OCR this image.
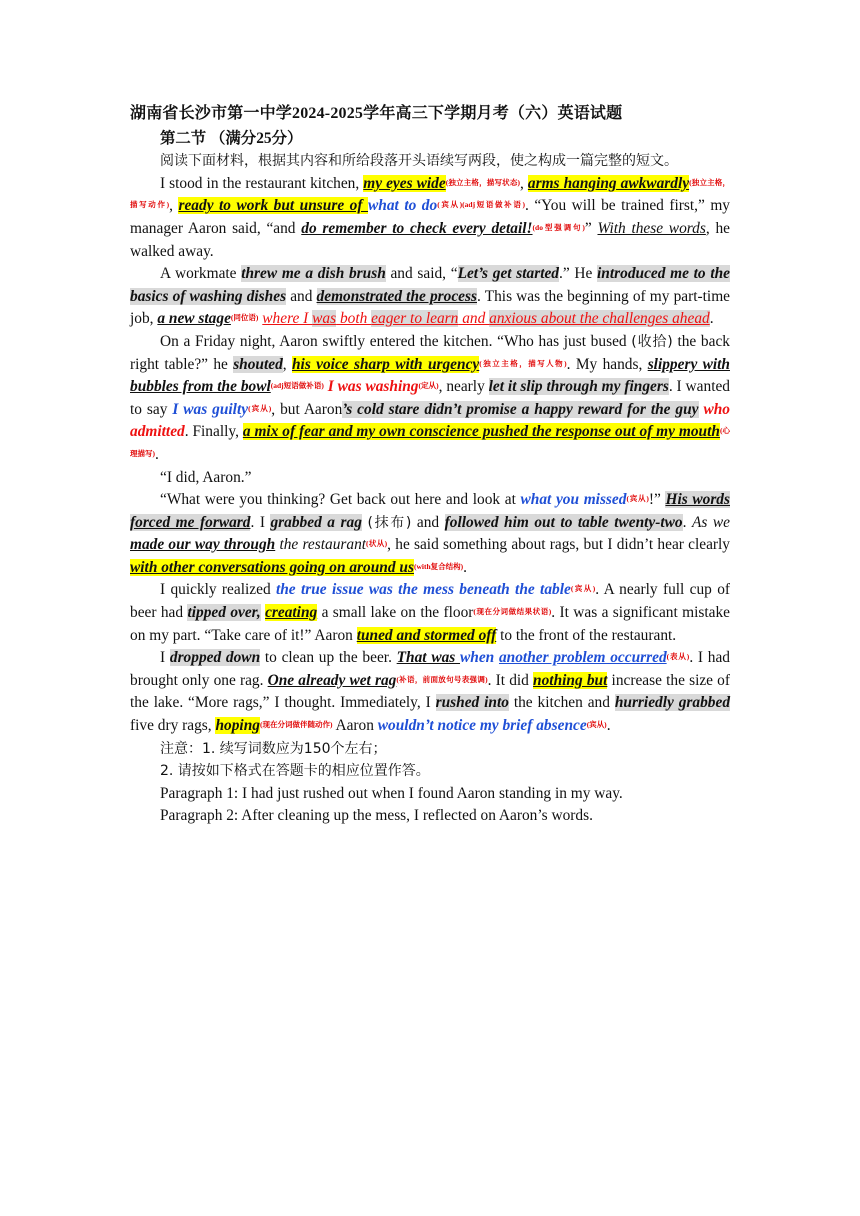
湖南省长沙市第一中学2024-2025学年高三下学期月考（六）英语试题

第二节 （满分25分）

阅读下面材料，根据其内容和所给段落开头语续写两段，使之构成一篇完整的短文。

I stood in the restaurant kitchen, my eyes wide(独立主格，描写状态), arms hanging awkwardly(独立主格，描写动作), ready to work but unsure of what to do(宾从)(adj短语做补语). “You will be trained first,” my manager Aaron said, “and do remember to check every detail!(do型强调句)” With these words, he walked away.

A workmate threw me a dish brush and said, “Let’s get started.” He introduced me to the basics of washing dishes and demonstrated the process. This was the beginning of my part-time job, a new stage(同位语) where I was both eager to learn and anxious about the challenges ahead.

On a Friday night, Aaron swiftly entered the kitchen. “Who has just bused (收拾) the back right table?” he shouted, his voice sharp with urgency(独立主格，描写人物). My hands, slippery with bubbles from the bowl(adj短语做补语) I was washing(定从), nearly let it slip through my fingers. I wanted to say I was guilty(宾从), but Aaron’s cold stare didn’t promise a happy reward for the guy who admitted. Finally, a mix of fear and my own conscience pushed the response out of my mouth(心理描写).

“I did, Aaron.”

“What were you thinking? Get back out here and look at what you missed(宾从)!” His words forced me forward. I grabbed a rag (抹布) and followed him out to table twenty-two. As we made our way through the restaurant(状从), he said something about rags, but I didn’t hear clearly with other conversations going on around us(with复合结构).

I quickly realized the true issue was the mess beneath the table(宾从). A nearly full cup of beer had tipped over, creating a small lake on the floor(现在分词做结果状语). It was a significant mistake on my part. “Take care of it!” Aaron tuned and stormed off to the front of the restaurant.

I dropped down to clean up the beer. That was when another problem occurred(表从). I had brought only one rag. One already wet rag(补语，前面放句号表强调). It did nothing but increase the size of the lake. “More rags,” I thought. Immediately, I rushed into the kitchen and hurriedly grabbed five dry rags, hoping(现在分词做伴随动作) Aaron wouldn’t notice my brief absence(宾从).

注意：1. 续写词数应为150个左右；

2. 请按如下格式在答题卡的相应位置作答。

Paragraph 1: I had just rushed out when I found Aaron standing in my way.

Paragraph 2: After cleaning up the mess, I reflected on Aaron’s words.
